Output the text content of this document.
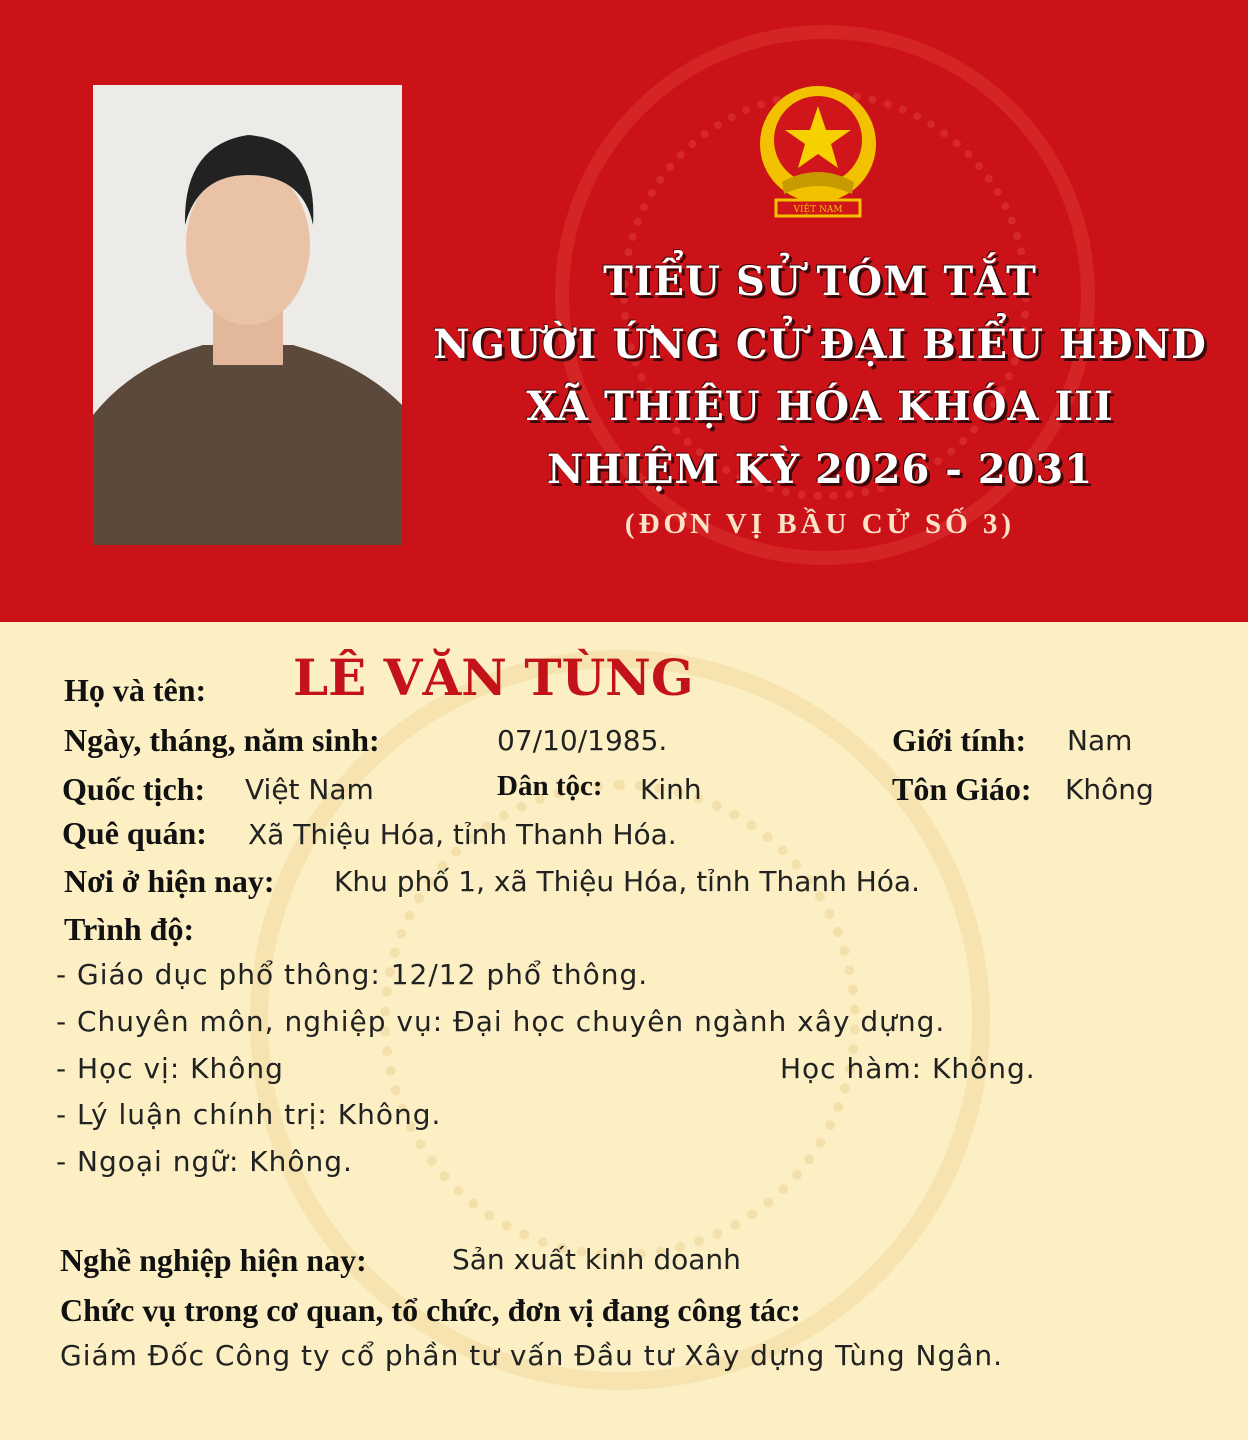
VIỆT NAM
TIỂU SỬ TÓM TẮT
NGƯỜI ỨNG CỬ ĐẠI BIỂU HĐND
XÃ THIỆU HÓA KHÓA III
NHIỆM KỲ 2026 - 2031
(ĐƠN VỊ BẦU CỬ SỐ 3)
Họ và tên: LÊ VĂN TÙNG
Ngày, tháng, năm sinh:	07/10/1985.	Giới tính: Nam
Quốc tịch: Việt Nam	Dân tộc: Kinh	Tôn Giáo: Không
Quê quán: Xã Thiệu Hóa, tỉnh Thanh Hóa.
Nơi ở hiện nay: Khu phố 1, xã Thiệu Hóa, tỉnh Thanh Hóa.
Trình độ:
- Giáo dục phổ thông: 12/12 phổ thông.
- Chuyên môn, nghiệp vụ: Đại học chuyên ngành xây dựng.
- Học vị: Không	Học hàm: Không.
- Lý luận chính trị: Không.
- Ngoại ngữ: Không.
Nghề nghiệp hiện nay:	Sản xuất kinh doanh
Chức vụ trong cơ quan, tổ chức, đơn vị đang công tác:
Giám Đốc Công ty cổ phần tư vấn Đầu tư Xây dựng Tùng Ngân.
